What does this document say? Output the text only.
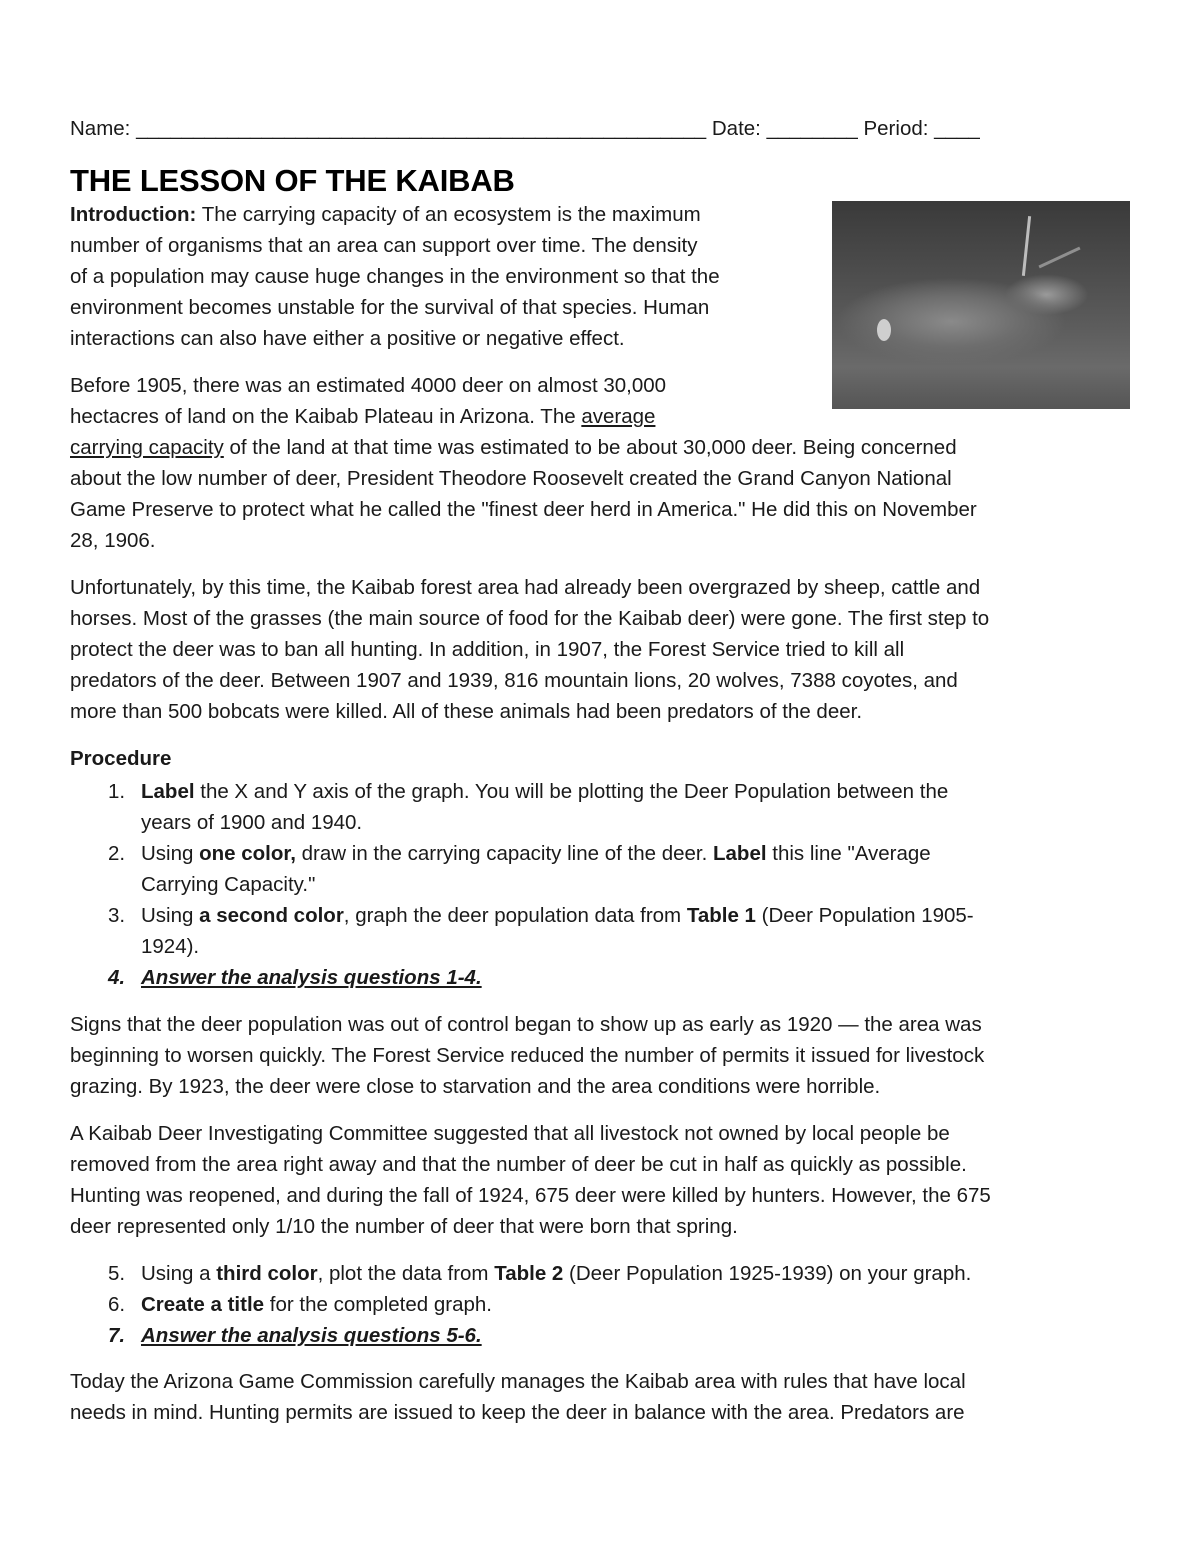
Name: __________________________________________________ Date: ________ Period: ____
THE LESSON OF THE KAIBAB

Introduction: The carrying capacity of an ecosystem is the maximum
number of organisms that an area can support over time. The density
of a population may cause huge changes in the environment so that the
environment becomes unstable for the survival of that species. Human
interactions can also have either a positive or negative effect.

Before 1905, there was an estimated 4000 deer on almost 30,000
hectacres of land on the Kaibab Plateau in Arizona. The average
carrying capacity of the land at that time was estimated to be about 30,000 deer. Being concerned
about the low number of deer, President Theodore Roosevelt created the Grand Canyon National
Game Preserve to protect what he called the "finest deer herd in America." He did this on November
28, 1906.

Unfortunately, by this time, the Kaibab forest area had already been overgrazed by sheep, cattle and
horses. Most of the grasses (the main source of food for the Kaibab deer) were gone. The first step to
protect the deer was to ban all hunting. In addition, in 1907, the Forest Service tried to kill all
predators of the deer. Between 1907 and 1939, 816 mountain lions, 20 wolves, 7388 coyotes, and
more than 500 bobcats were killed. All of these animals had been predators of the deer.

Procedure
1. Label the X and Y axis of the graph. You will be plotting the Deer Population between the
years of 1900 and 1940.
2. Using one color, draw in the carrying capacity line of the deer. Label this line "Average
Carrying Capacity."
3. Using a second color, graph the deer population data from Table 1 (Deer Population 1905-
1924).
4. Answer the analysis questions 1-4.

Signs that the deer population was out of control began to show up as early as 1920 — the area was
beginning to worsen quickly. The Forest Service reduced the number of permits it issued for livestock
grazing. By 1923, the deer were close to starvation and the area conditions were horrible.

A Kaibab Deer Investigating Committee suggested that all livestock not owned by local people be
removed from the area right away and that the number of deer be cut in half as quickly as possible.
Hunting was reopened, and during the fall of 1924, 675 deer were killed by hunters. However, the 675
deer represented only 1/10 the number of deer that were born that spring.

5. Using a third color, plot the data from Table 2 (Deer Population 1925-1939) on your graph.
6. Create a title for the completed graph.
7. Answer the analysis questions 5-6.

Today the Arizona Game Commission carefully manages the Kaibab area with rules that have local
needs in mind. Hunting permits are issued to keep the deer in balance with the area. Predators are
